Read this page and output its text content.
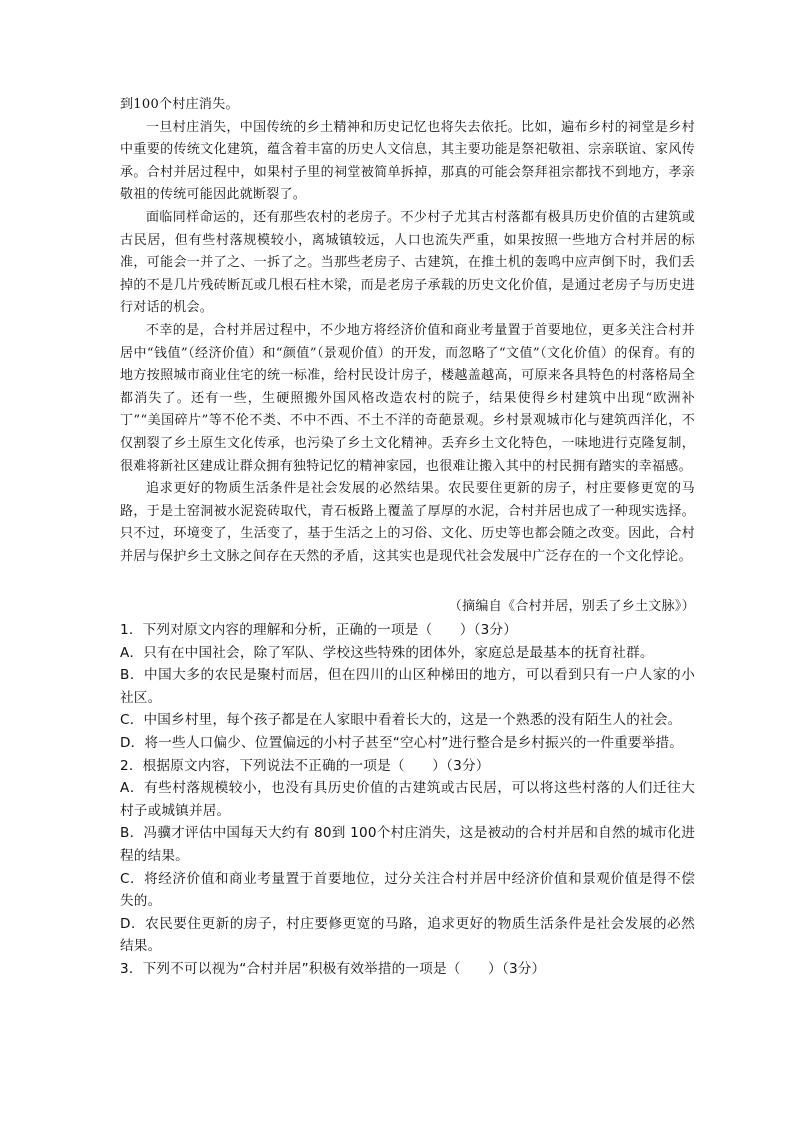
到100个村庄消失。

一旦村庄消失，中国传统的乡土精神和历史记忆也将失去依托。比如，遍布乡村的祠堂是乡村中重要的传统文化建筑，蕴含着丰富的历史人文信息，其主要功能是祭祀敬祖、宗亲联谊、家风传承。合村并居过程中，如果村子里的祠堂被简单拆掉，那真的可能会祭拜祖宗都找不到地方，孝亲敬祖的传统可能因此就断裂了。

面临同样命运的，还有那些农村的老房子。不少村子尤其古村落都有极具历史价值的古建筑或古民居，但有些村落规模较小，离城镇较远，人口也流失严重，如果按照一些地方合村并居的标准，可能会一并了之、一拆了之。当那些老房子、古建筑，在推土机的轰鸣中应声倒下时，我们丢掉的不是几片残砖断瓦或几根石柱木梁，而是老房子承载的历史文化价值，是通过老房子与历史进行对话的机会。

不幸的是，合村并居过程中，不少地方将经济价值和商业考量置于首要地位，更多关注合村并居中“钱值”（经济价值）和“颜值”（景观价值）的开发，而忽略了“文值”（文化价值）的保育。有的地方按照城市商业住宅的统一标准，给村民设计房子，楼越盖越高，可原来各具特色的村落格局全都消失了。还有一些，生硬照搬外国风格改造农村的院子，结果使得乡村建筑中出现“欧洲补丁”“美国碎片”等不伦不类、不中不西、不土不洋的奇葩景观。乡村景观城市化与建筑西洋化，不仅割裂了乡土原生文化传承，也污染了乡土文化精神。丢弃乡土文化特色，一味地进行克隆复制，很难将新社区建成让群众拥有独特记忆的精神家园，也很难让搬入其中的村民拥有踏实的幸福感。

追求更好的物质生活条件是社会发展的必然结果。农民要住更新的房子，村庄要修更宽的马路，于是土窑洞被水泥瓷砖取代，青石板路上覆盖了厚厚的水泥，合村并居也成了一种现实选择。只不过，环境变了，生活变了，基于生活之上的习俗、文化、历史等也都会随之改变。因此，合村并居与保护乡土文脉之间存在天然的矛盾，这其实也是现代社会发展中广泛存在的一个文化悖论。

（摘编自《合村并居，别丢了乡土文脉》）

1．下列对原文内容的理解和分析，正确的一项是（　　）（3分）

A．只有在中国社会，除了军队、学校这些特殊的团体外，家庭总是最基本的抚育社群。

B．中国大多的农民是聚村而居，但在四川的山区种梯田的地方，可以看到只有一户人家的小社区。

C．中国乡村里，每个孩子都是在人家眼中看着长大的，这是一个熟悉的没有陌生人的社会。

D．将一些人口偏少、位置偏远的小村子甚至“空心村”进行整合是乡村振兴的一件重要举措。

2．根据原文内容，下列说法不正确的一项是（　　）（3分）

A．有些村落规模较小，也没有具历史价值的古建筑或古民居，可以将这些村落的人们迁往大村子或城镇并居。

B．冯骥才评估中国每天大约有 80到 100个村庄消失，这是被动的合村并居和自然的城市化进程的结果。

C．将经济价值和商业考量置于首要地位，过分关注合村并居中经济价值和景观价值是得不偿失的。

D．农民要住更新的房子，村庄要修更宽的马路，追求更好的物质生活条件是社会发展的必然结果。

3．下列不可以视为“合村并居”积极有效举措的一项是（　　）（3分）
